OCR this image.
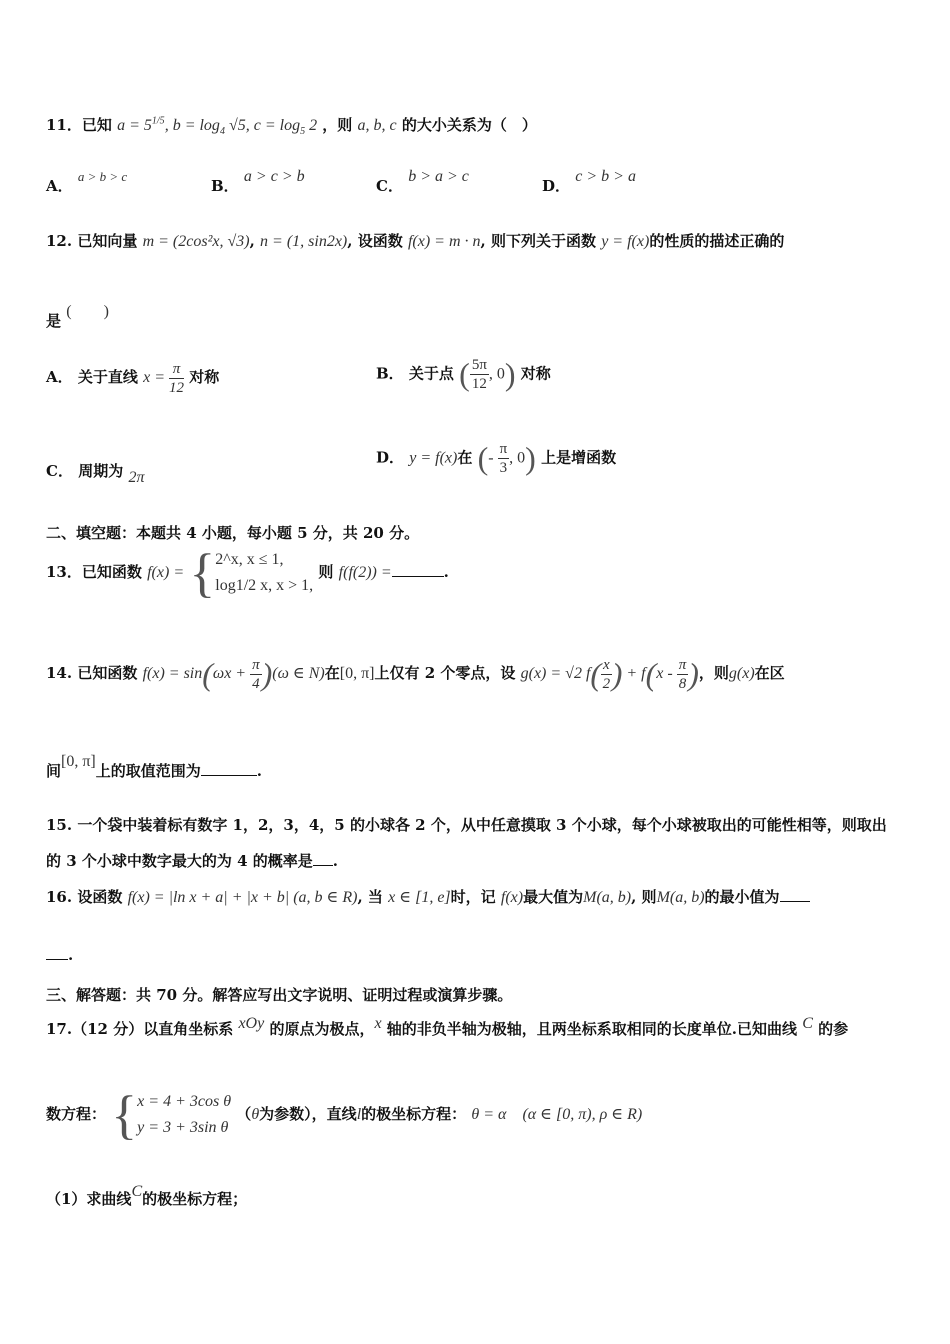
11．已知 $a = 5^{1/5}$, $b = \log_4 √5$, $c = \log_5 2$ ，则 a, b, c 的大小关系为（　）
A． a > b > c
B． a > c > b
C． b > a > c
D． c > b > a
12. 已知向量 m = (2cos²x, √3), n = (1, sin2x), 设函数 f(x) = m · n, 则下列关于函数 y = f(x)的性质的描述正确的
是 (　　)
A． 关于直线 $x = \frac{\pi}{12}$ 对称	B． 关于点 ( $\frac{5\pi}{12}$ , 0) 对称
C． 周期为 2π
D． y = f(x)在 (- $\frac{\pi}{3}$ , 0) 上是增函数
二、填空题：本题共 4 小题，每小题 5 分，共 20 分。
13．已知函数 f(x) = { 2^x, x ≤ 1,
log1/2 x, x > 1,
则 f(f(2)) =	.
14. 已知函数 $f(x) = \sin(\omega x + \frac{\pi}{4} )(\omega$ ∈ N)在[0, π]上仅有 2 个零点，设 g(x) = √2 $f( \frac{x}{2}$ ) + $f(x - \frac{\pi}{8}$ )，则g(x)在区
间[0, π]上的取值范围为	.
15. 一个袋中装着标有数字 1，2，3，4，5 的小球各 2 个，从中任意摸取 3 个小球，每个小球被取出的可能性相等，则取出
的 3 个小球中数字最大的为 4 的概率是 .
16. 设函数 f(x) = |ln x + a| + |x + b| (a, b ∈ R), 当 x ∈ [1, e]时，记 f(x)最大值为M(a, b), 则M(a, b)的最小值为
.
三、解答题：共 70 分。解答应写出文字说明、证明过程或演算步骤。
17.（12 分）以直角坐标系 xOy 的原点为极点，x 轴的非负半轴为极轴，且两坐标系取相同的长度单位.已知曲线 C 的参
数方程： { x = 4 + 3cos θ
y = 3 + 3sin θ
（θ为参数），直线l的极坐标方程： θ = α　(α ∈ [0, π), ρ ∈ R)
（1）求曲线C的极坐标方程；
